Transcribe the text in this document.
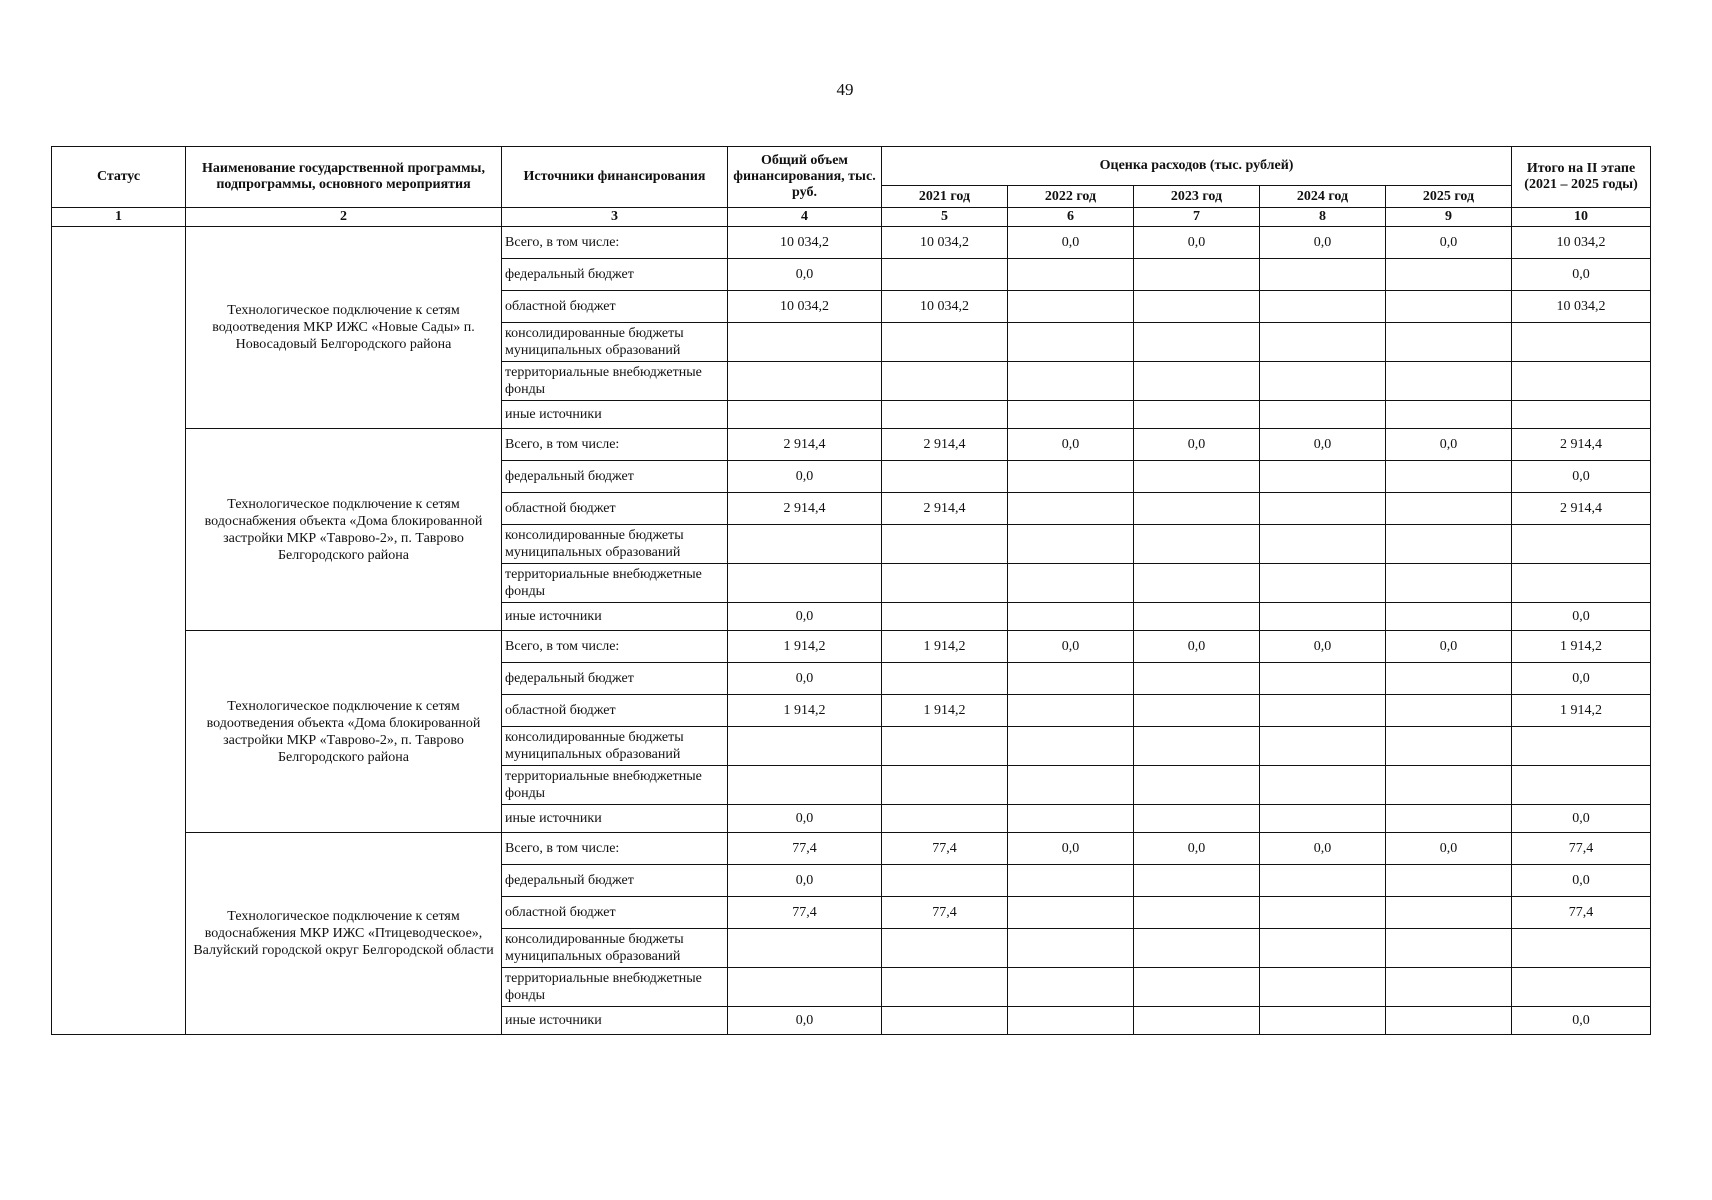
49
Статус	Наименование государственной программы, подпрограммы, основного мероприятия	Источники финансирования	Общий объем финансирования, тыс. руб.	Оценка расходов (тыс. рублей)					Итого на II этапе (2021 – 2025 годы)
				2021 год	2022 год	2023 год	2024 год	2025 год	
1	2	3	4	5	6	7	8	9	10
	Технологическое подключение к сетям водоотведения МКР ИЖС «Новые Сады» п. Новосадовый Белгородского района	Всего, в том числе:	10 034,2	10 034,2	0,0	0,0	0,0	0,0	10 034,2
		федеральный бюджет	0,0						0,0
		областной бюджет	10 034,2	10 034,2					10 034,2
		консолидированные бюджеты муниципальных образований							
		территориальные внебюджетные фонды							
		иные источники							
	Технологическое подключение к сетям водоснабжения объекта «Дома блокированной застройки МКР «Таврово-2», п. Таврово Белгородского района	Всего, в том числе:	2 914,4	2 914,4	0,0	0,0	0,0	0,0	2 914,4
		федеральный бюджет	0,0						0,0
		областной бюджет	2 914,4	2 914,4					2 914,4
		консолидированные бюджеты муниципальных образований							
		территориальные внебюджетные фонды							
		иные источники	0,0						0,0
	Технологическое подключение к сетям водоотведения объекта «Дома блокированной застройки МКР «Таврово-2», п. Таврово Белгородского района	Всего, в том числе:	1 914,2	1 914,2	0,0	0,0	0,0	0,0	1 914,2
		федеральный бюджет	0,0						0,0
		областной бюджет	1 914,2	1 914,2					1 914,2
		консолидированные бюджеты муниципальных образований							
		территориальные внебюджетные фонды							
		иные источники	0,0						0,0
	Технологическое подключение к сетям водоснабжения МКР ИЖС «Птицеводческое», Валуйский городской округ Белгородской области	Всего, в том числе:	77,4	77,4	0,0	0,0	0,0	0,0	77,4
		федеральный бюджет	0,0						0,0
		областной бюджет	77,4	77,4					77,4
		консолидированные бюджеты муниципальных образований							
		территориальные внебюджетные фонды							
		иные источники	0,0						0,0
